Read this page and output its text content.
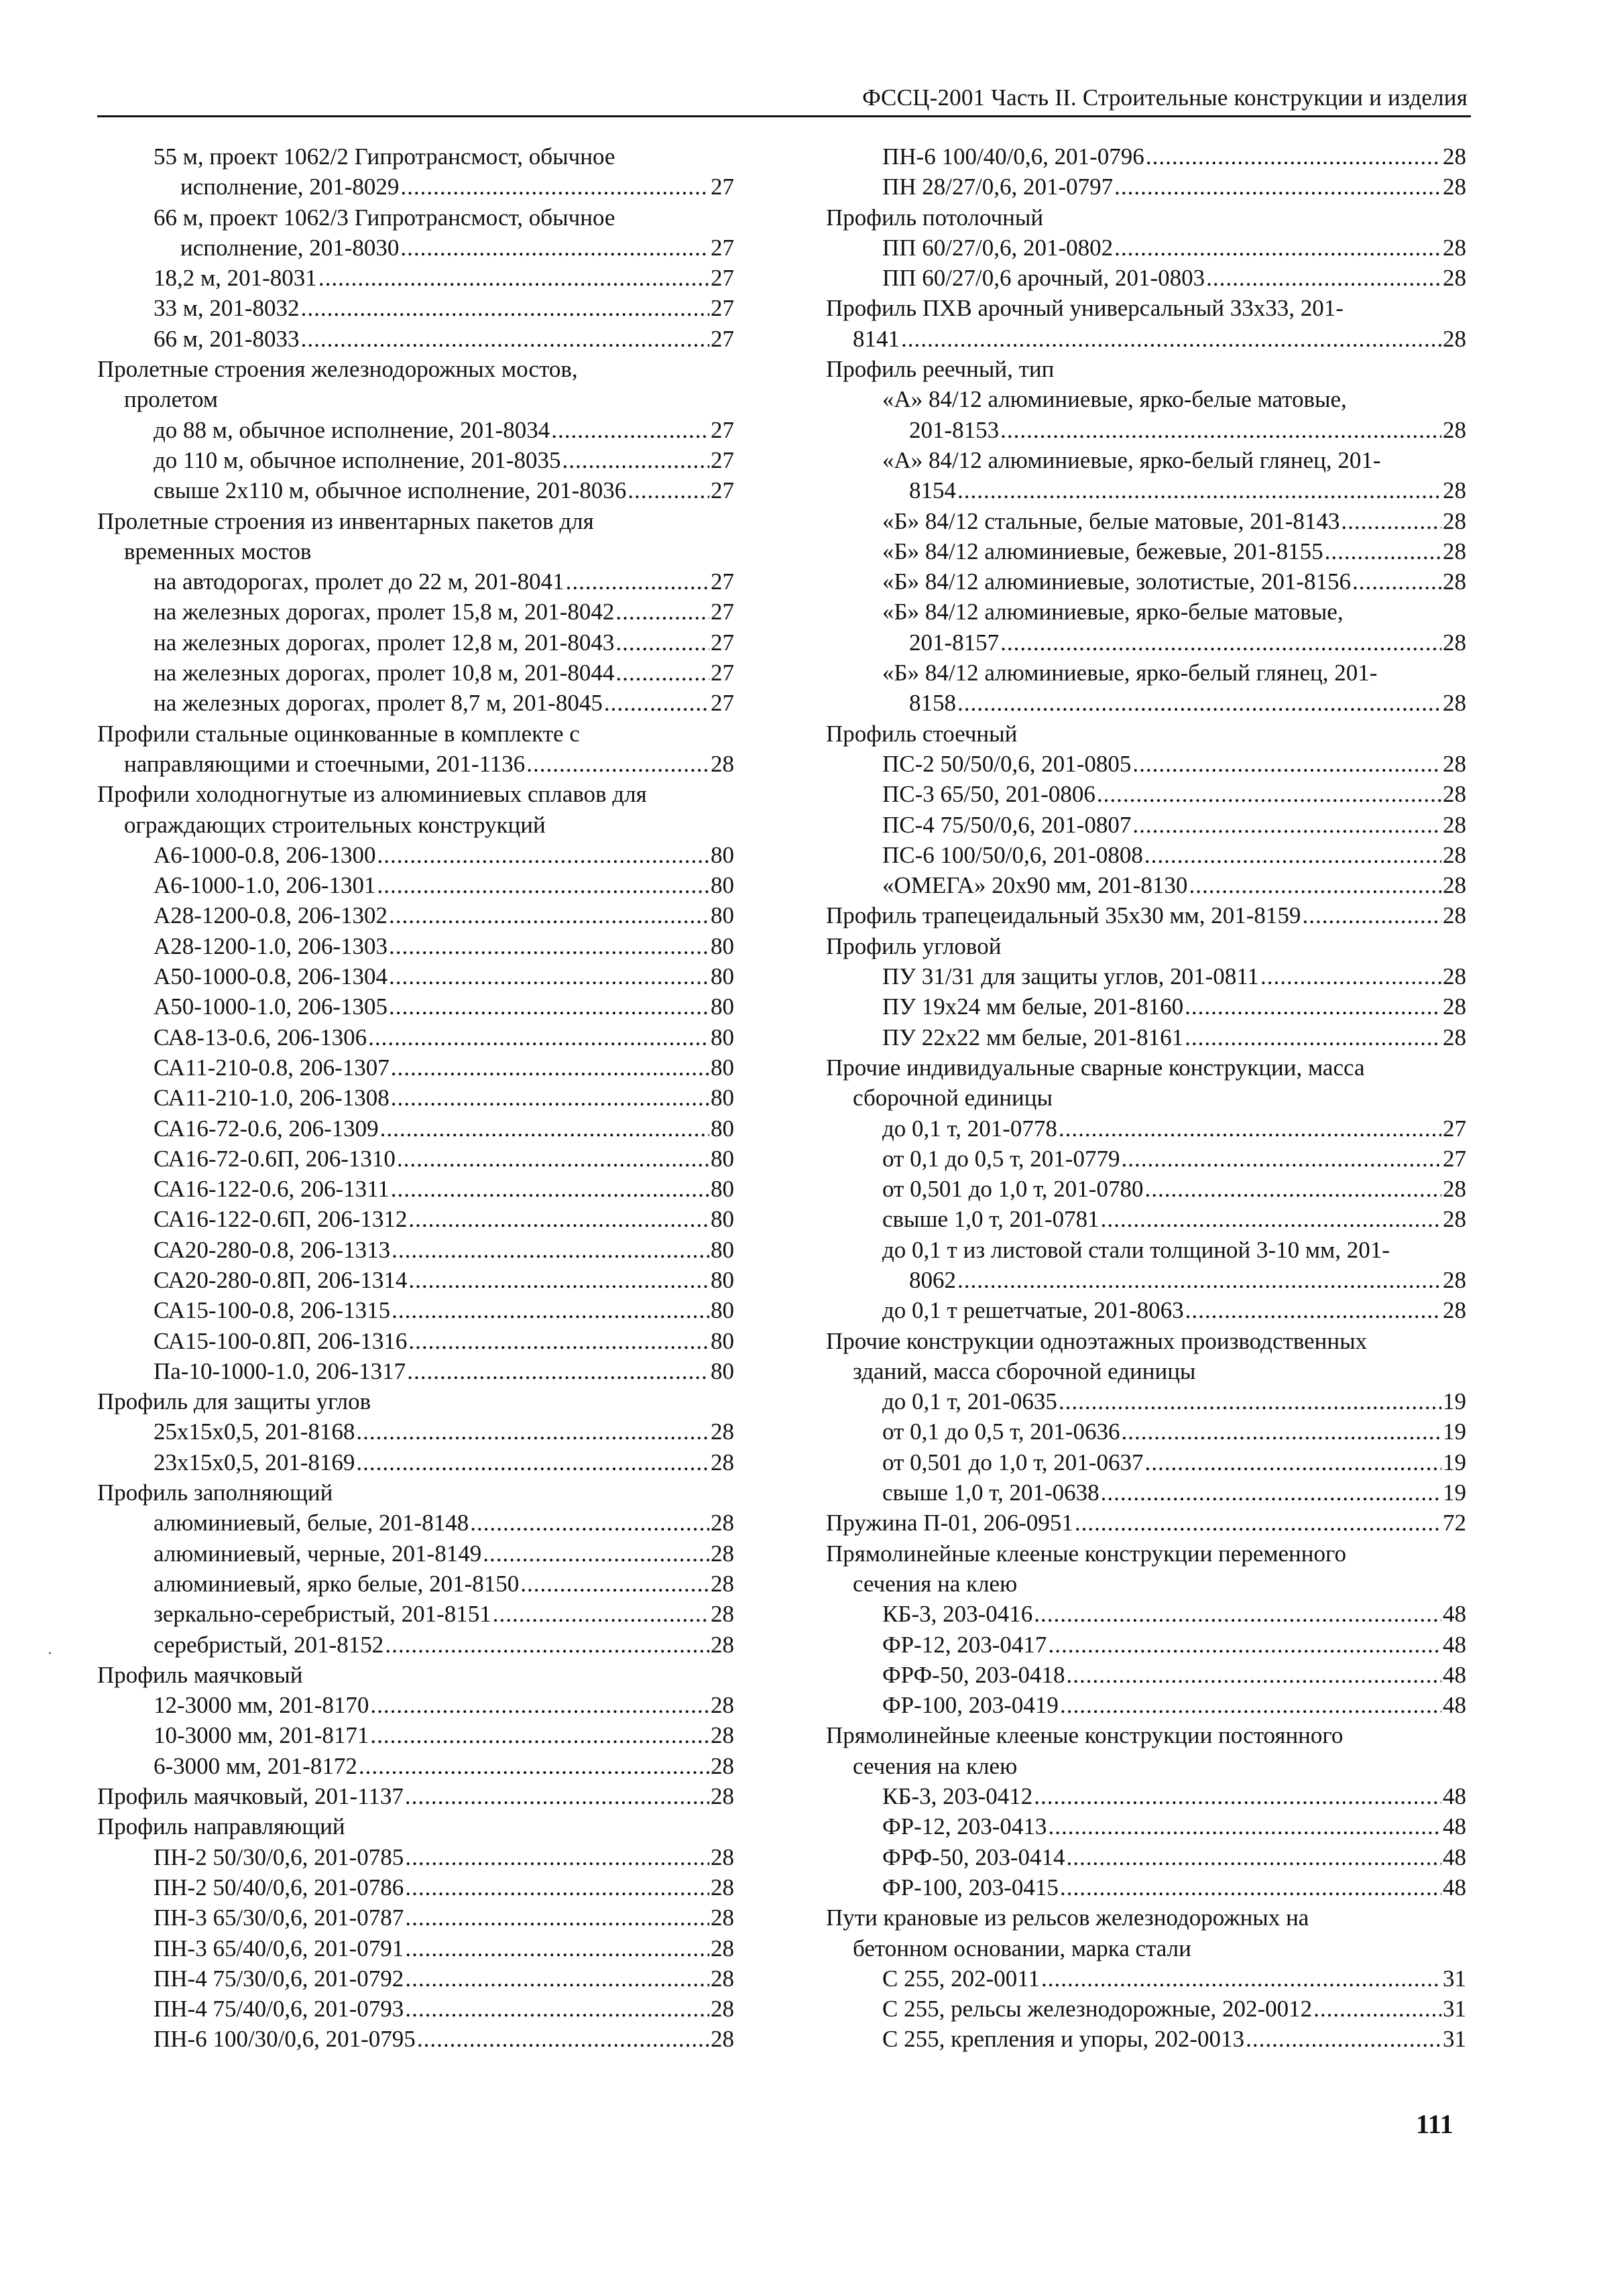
ФССЦ-2001 Часть II. Строительные конструкции и изделия
55 м, проект 1062/2 Гипротрансмост, обычное
исполнение, 201-8029 .....	27
66 м, проект 1062/3 Гипротрансмост, обычное
исполнение, 201-8030 .....	27
18,2 м, 201-8031 .....	27
33 м, 201-8032 .....	27
66 м, 201-8033 .....	27
Пролетные строения железнодорожных мостов,
пролетом
до 88 м, обычное исполнение, 201-8034 .....	27
до 110 м, обычное исполнение, 201-8035 .....	27
свыше 2х110 м, обычное исполнение, 201-8036 .....	27
Пролетные строения из инвентарных пакетов для
временных мостов
на автодорогах, пролет до 22 м, 201-8041 .....	27
на железных дорогах, пролет 15,8 м, 201-8042 .....	27
на железных дорогах, пролет 12,8 м, 201-8043 .....	27
на железных дорогах, пролет 10,8 м, 201-8044 .....	27
на железных дорогах, пролет 8,7 м, 201-8045 .....	27
Профили стальные оцинкованные в комплекте с
направляющими и стоечными, 201-1136 .....	28
Профили холодногнутые из алюминиевых сплавов для
ограждающих строительных конструкций
А6-1000-0.8, 206-1300 .....	80
А6-1000-1.0, 206-1301 .....	80
А28-1200-0.8, 206-1302 .....	80
А28-1200-1.0, 206-1303 .....	80
А50-1000-0.8, 206-1304 .....	80
А50-1000-1.0, 206-1305 .....	80
СА8-13-0.6, 206-1306 .....	80
СА11-210-0.8, 206-1307 .....	80
СА11-210-1.0, 206-1308 .....	80
СА16-72-0.6, 206-1309 .....	80
СА16-72-0.6П, 206-1310 .....	80
СА16-122-0.6, 206-1311 .....	80
СА16-122-0.6П, 206-1312 .....	80
СА20-280-0.8, 206-1313 .....	80
СА20-280-0.8П, 206-1314 .....	80
СА15-100-0.8, 206-1315 .....	80
СА15-100-0.8П, 206-1316 .....	80
Па-10-1000-1.0, 206-1317 .....	80
Профиль для защиты углов
25x15x0,5, 201-8168 .....	28
23x15x0,5, 201-8169 .....	28
Профиль заполняющий
алюминиевый, белые, 201-8148 .....	28
алюминиевый, черные, 201-8149 .....	28
алюминиевый, ярко белые, 201-8150 .....	28
зеркально-серебристый, 201-8151 .....	28
серебристый, 201-8152 .....	28
Профиль маячковый
12-3000 мм, 201-8170 .....	28
10-3000 мм, 201-8171 .....	28
6-3000 мм, 201-8172 .....	28
Профиль маячковый, 201-1137 .....	28
Профиль направляющий
ПН-2 50/30/0,6, 201-0785 .....	28
ПН-2 50/40/0,6, 201-0786 .....	28
ПН-3 65/30/0,6, 201-0787 .....	28
ПН-3 65/40/0,6, 201-0791 .....	28
ПН-4 75/30/0,6, 201-0792 .....	28
ПН-4 75/40/0,6, 201-0793 .....	28
ПН-6 100/30/0,6, 201-0795 .....	28
ПН-6 100/40/0,6, 201-0796 .....	28
ПН 28/27/0,6, 201-0797 .....	28
Профиль потолочный
ПП 60/27/0,6, 201-0802 .....	28
ПП 60/27/0,6 арочный, 201-0803 .....	28
Профиль ПХВ арочный универсальный 33х33, 201-
8141 .....	28
Профиль реечный, тип
«А» 84/12 алюминиевые, ярко-белые матовые,
201-8153 .....	28
«А» 84/12 алюминиевые, ярко-белый глянец, 201-
8154 .....	28
«Б» 84/12 стальные, белые матовые, 201-8143 .....	28
«Б» 84/12 алюминиевые, бежевые, 201-8155 .....	28
«Б» 84/12 алюминиевые, золотистые, 201-8156 .....	28
«Б» 84/12 алюминиевые, ярко-белые матовые,
201-8157 .....	28
«Б» 84/12 алюминиевые, ярко-белый глянец, 201-
8158 .....	28
Профиль стоечный
ПС-2 50/50/0,6, 201-0805 .....	28
ПС-3 65/50, 201-0806 .....	28
ПС-4 75/50/0,6, 201-0807 .....	28
ПС-6 100/50/0,6, 201-0808 .....	28
«ОМЕГА» 20х90 мм, 201-8130 .....	28
Профиль трапецеидальный 35х30 мм, 201-8159 .....	28
Профиль угловой
ПУ 31/31 для защиты углов, 201-0811 .....	28
ПУ 19х24 мм белые, 201-8160 .....	28
ПУ 22х22 мм белые, 201-8161 .....	28
Прочие индивидуальные сварные конструкции, масса
сборочной единицы
до 0,1 т, 201-0778 .....	27
от 0,1 до 0,5 т, 201-0779 .....	27
от 0,501 до 1,0 т, 201-0780 .....	28
свыше 1,0 т, 201-0781 .....	28
до 0,1 т из листовой стали толщиной 3-10 мм, 201-
8062 .....	28
до 0,1 т решетчатые, 201-8063 .....	28
Прочие конструкции одноэтажных производственных
зданий, масса сборочной единицы
до 0,1 т, 201-0635 .....	19
от 0,1 до 0,5 т, 201-0636 .....	19
от 0,501 до 1,0 т, 201-0637 .....	19
свыше 1,0 т, 201-0638 .....	19
Пружина П-01, 206-0951 .....	72
Прямолинейные клееные конструкции переменного
сечения на клею
КБ-3, 203-0416 .....	48
ФР-12, 203-0417 .....	48
ФРФ-50, 203-0418 .....	48
ФР-100, 203-0419 .....	48
Прямолинейные клееные конструкции постоянного
сечения на клею
КБ-3, 203-0412 .....	48
ФР-12, 203-0413 .....	48
ФРФ-50, 203-0414 .....	48
ФР-100, 203-0415 .....	48
Пути крановые из рельсов железнодорожных на
бетонном основании, марка стали
С 255, 202-0011 .....	31
С 255, рельсы железнодорожные, 202-0012 .....	31
С 255, крепления и упоры, 202-0013 .....	31
111
